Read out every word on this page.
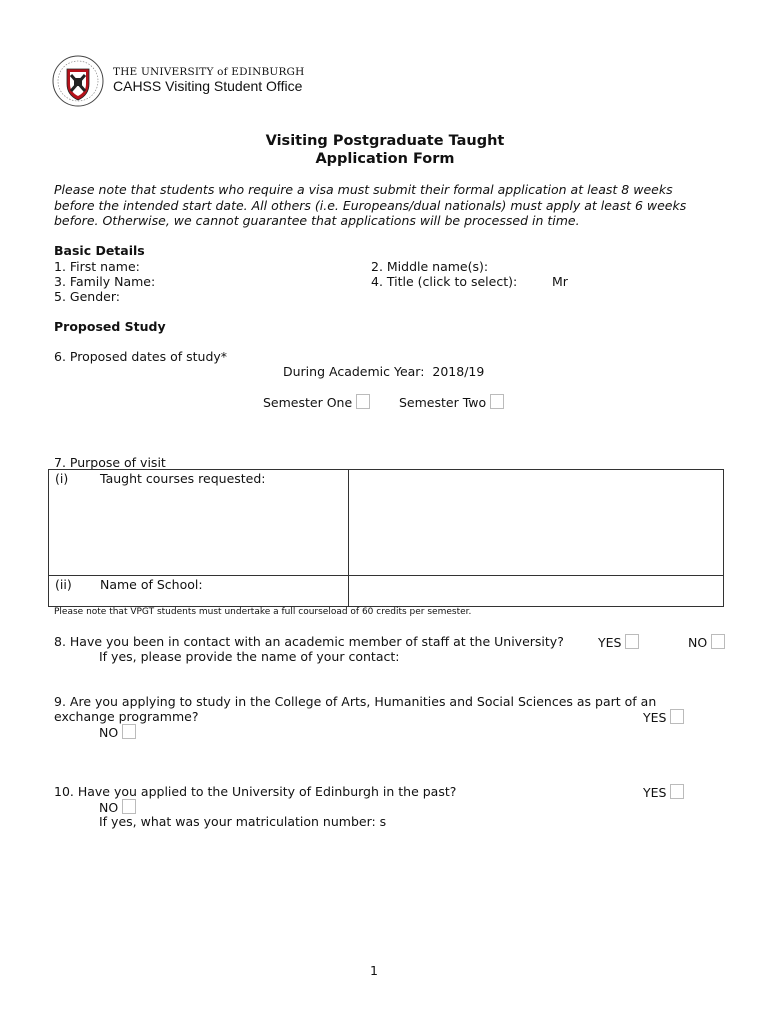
THE UNIVERSITY of EDINBURGH
CAHSS Visiting Student Office
Visiting Postgraduate Taught
Application Form
Please note that students who require a visa must submit their formal application at least 8 weeks before the intended start date. All others (i.e. Europeans/dual nationals) must apply at least 6 weeks before. Otherwise, we cannot guarantee that applications will be processed in time.
Basic Details
1. First name:	2. Middle name(s):
3. Family Name:	4. Title (click to select):	Mr
5. Gender:
Proposed Study
6. Proposed dates of study*
During Academic Year: 2018/19
Semester One	Semester Two
7. Purpose of visit
(i)	Taught courses requested:
(ii) Name of School:
Please note that VPGT students must undertake a full courseload of 60 credits per semester.
8. Have you been in contact with an academic member of staff at the University?	YES	NO
If yes, please provide the name of your contact:
9. Are you applying to study in the College of Arts, Humanities and Social Sciences as part of an
exchange programme?	YES
NO
10. Have you applied to the University of Edinburgh in the past?	YES
NO
If yes, what was your matriculation number: s
1
